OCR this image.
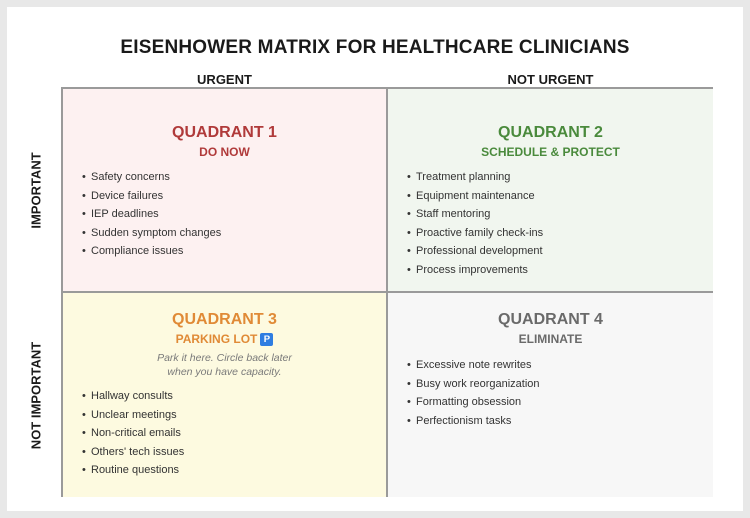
EISENHOWER MATRIX FOR HEALTHCARE CLINICIANS
URGENT	NOT URGENT
IMPORTANT
NOT IMPORTANT
QUADRANT 1
DO NOW
• Safety concerns
• Device failures
• IEP deadlines
• Sudden symptom changes
• Compliance issues
QUADRANT 2
SCHEDULE & PROTECT
• Treatment planning
• Equipment maintenance
• Staff mentoring
• Proactive family check-ins
• Professional development
• Process improvements
QUADRANT 3
PARKING LOT P
Park it here. Circle back later
when you have capacity.
• Hallway consults
• Unclear meetings
• Non-critical emails
• Others' tech issues
• Routine questions
QUADRANT 4
ELIMINATE
• Excessive note rewrites
• Busy work reorganization
• Formatting obsession
• Perfectionism tasks
